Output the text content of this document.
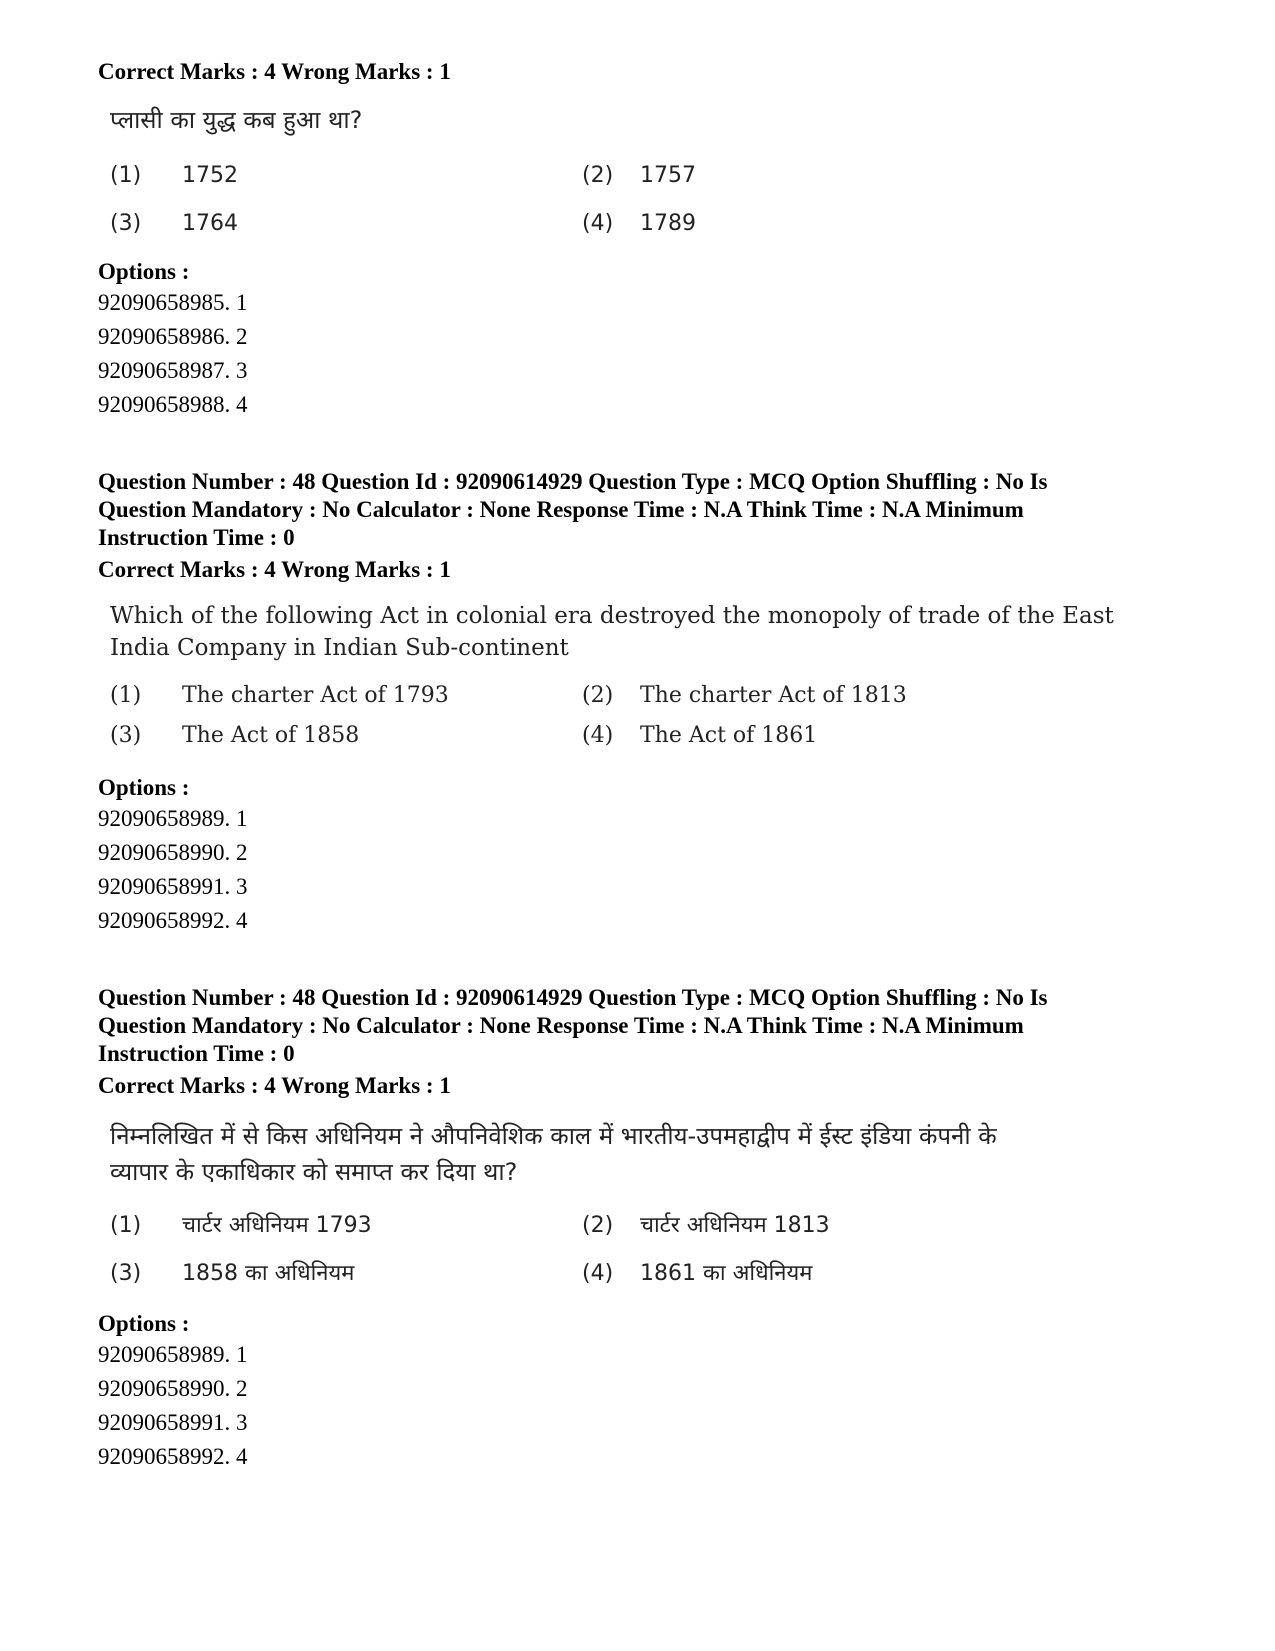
Correct Marks : 4 Wrong Marks : 1
प्लासी का युद्ध कब हुआ था?
(1)	1752	(2)	1757
(3)	1764	(4)	1789
Options :
92090658985. 1
92090658986. 2
92090658987. 3
92090658988. 4

Question Number : 48 Question Id : 92090614929 Question Type : MCQ Option Shuffling : No Is

Question Mandatory : No Calculator : None Response Time : N.A Think Time : N.A Minimum

Instruction Time : 0

Correct Marks : 4 Wrong Marks : 1
Which of the following Act in colonial era destroyed the monopoly of trade of the East
India Company in Indian Sub-continent
(1)	The charter Act of 1793	(2)	The charter Act of 1813
(3)	The Act of 1858	(4)	The Act of 1861
Options :
92090658989. 1
92090658990. 2
92090658991. 3
92090658992. 4

Question Number : 48 Question Id : 92090614929 Question Type : MCQ Option Shuffling : No Is

Question Mandatory : No Calculator : None Response Time : N.A Think Time : N.A Minimum

Instruction Time : 0

Correct Marks : 4 Wrong Marks : 1
निम्नलिखित में से किस अधिनियम ने औपनिवेशिक काल में भारतीय-उपमहाद्वीप में ईस्ट इंडिया कंपनी के
व्यापार के एकाधिकार को समाप्त कर दिया था?
(1)	चार्टर अधिनियम 1793	(2)	चार्टर अधिनियम 1813
(3)	1858 का अधिनियम	(4)	1861 का अधिनियम
Options :
92090658989. 1
92090658990. 2
92090658991. 3
92090658992. 4
